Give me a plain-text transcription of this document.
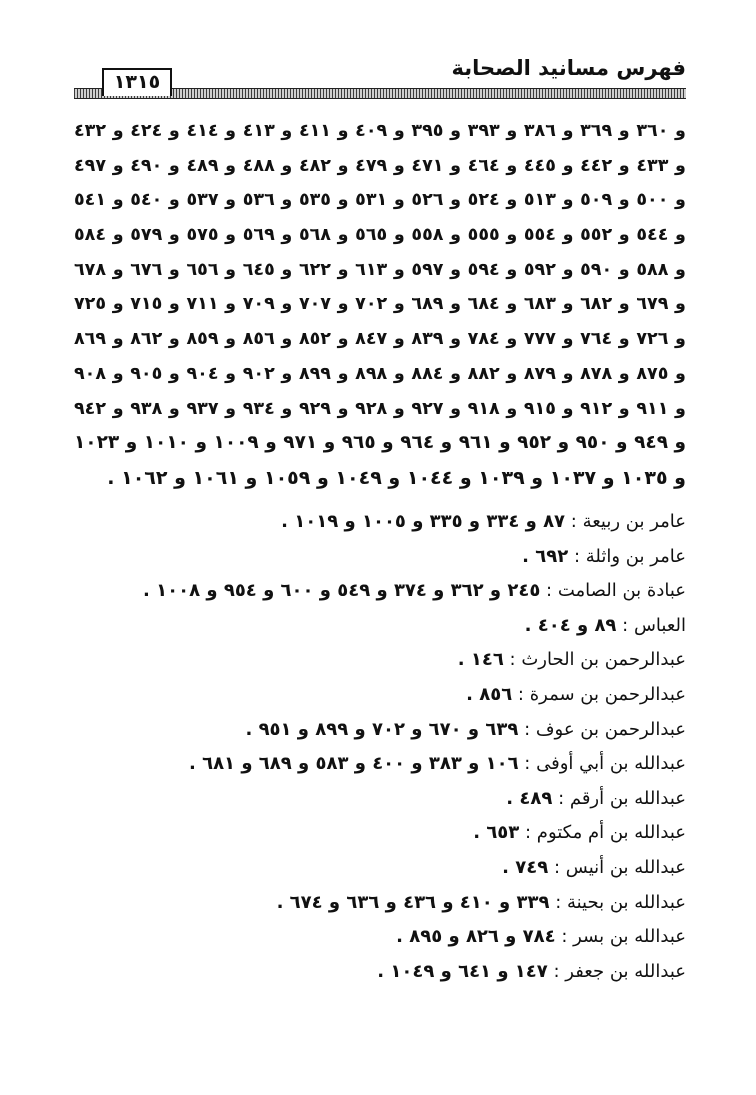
فهرس مسانيد الصحابة
١٣١٥
و ٣٦٠ و ٣٦٩ و ٣٨٦ و ٣٩٣ و ٣٩٥ و ٤٠٩ و ٤١١ و ٤١٣ و ٤١٤ و ٤٢٤ و ٤٣٢
و ٤٣٣ و ٤٤٢ و ٤٤٥ و ٤٦٤ و ٤٧١ و ٤٧٩ و ٤٨٢ و ٤٨٨ و ٤٨٩ و ٤٩٠ و ٤٩٧
و ٥٠٠ و ٥٠٩ و ٥١٣ و ٥٢٤ و ٥٢٦ و ٥٣١ و ٥٣٥ و ٥٣٦ و ٥٣٧ و ٥٤٠ و ٥٤١
و ٥٤٤ و ٥٥٢ و ٥٥٤ و ٥٥٥ و ٥٥٨ و ٥٦٥ و ٥٦٨ و ٥٦٩ و ٥٧٥ و ٥٧٩ و ٥٨٤
و ٥٨٨ و ٥٩٠ و ٥٩٢ و ٥٩٤ و ٥٩٧ و ٦١٣ و ٦٢٢ و ٦٤٥ و ٦٥٦ و ٦٧٦ و ٦٧٨
و ٦٧٩ و ٦٨٢ و ٦٨٣ و ٦٨٤ و ٦٨٩ و ٧٠٢ و ٧٠٧ و ٧٠٩ و ٧١١ و ٧١٥ و ٧٢٥
و ٧٢٦ و ٧٦٤ و ٧٧٧ و ٧٨٤ و ٨٣٩ و ٨٤٧ و ٨٥٢ و ٨٥٦ و ٨٥٩ و ٨٦٢ و ٨٦٩
و ٨٧٥ و ٨٧٨ و ٨٧٩ و ٨٨٢ و ٨٨٤ و ٨٩٨ و ٨٩٩ و ٩٠٢ و ٩٠٤ و ٩٠٥ و ٩٠٨
و ٩١١ و ٩١٢ و ٩١٥ و ٩١٨ و ٩٢٧ و ٩٢٨ و ٩٢٩ و ٩٣٤ و ٩٣٧ و ٩٣٨ و ٩٤٢
و ٩٤٩ و ٩٥٠ و ٩٥٢ و ٩٦١ و ٩٦٤ و ٩٦٥ و ٩٧١ و ١٠٠٩ و ١٠١٠ و ١٠٢٣
و ١٠٣٥ و ١٠٣٧ و ١٠٣٩ و ١٠٤٤ و ١٠٤٩ و ١٠٥٩ و ١٠٦١ و ١٠٦٢ .
عامر بن ربيعة : ٨٧ و ٣٣٤ و ٣٣٥ و ١٠٠٥ و ١٠١٩ .
عامر بن واثلة : ٦٩٢ .
عبادة بن الصامت : ٢٤٥ و ٣٦٢ و ٣٧٤ و ٥٤٩ و ٦٠٠ و ٩٥٤ و ١٠٠٨ .
العباس : ٨٩ و ٤٠٤ .
عبدالرحمن بن الحارث : ١٤٦ .
عبدالرحمن بن سمرة : ٨٥٦ .
عبدالرحمن بن عوف : ٦٣٩ و ٦٧٠ و ٧٠٢ و ٨٩٩ و ٩٥١ .
عبدالله بن أبي أوفى : ١٠٦ و ٣٨٣ و ٤٠٠ و ٥٨٣ و ٦٨٩ و ٦٨١ .
عبدالله بن أرقم : ٤٨٩ .
عبدالله بن أم مكتوم : ٦٥٣ .
عبدالله بن أنيس : ٧٤٩ .
عبدالله بن بحينة : ٣٣٩ و ٤١٠ و ٤٣٦ و ٦٣٦ و ٦٧٤ .
عبدالله بن بسر : ٧٨٤ و ٨٢٦ و ٨٩٥ .
عبدالله بن جعفر : ١٤٧ و ٦٤١ و ١٠٤٩ .
